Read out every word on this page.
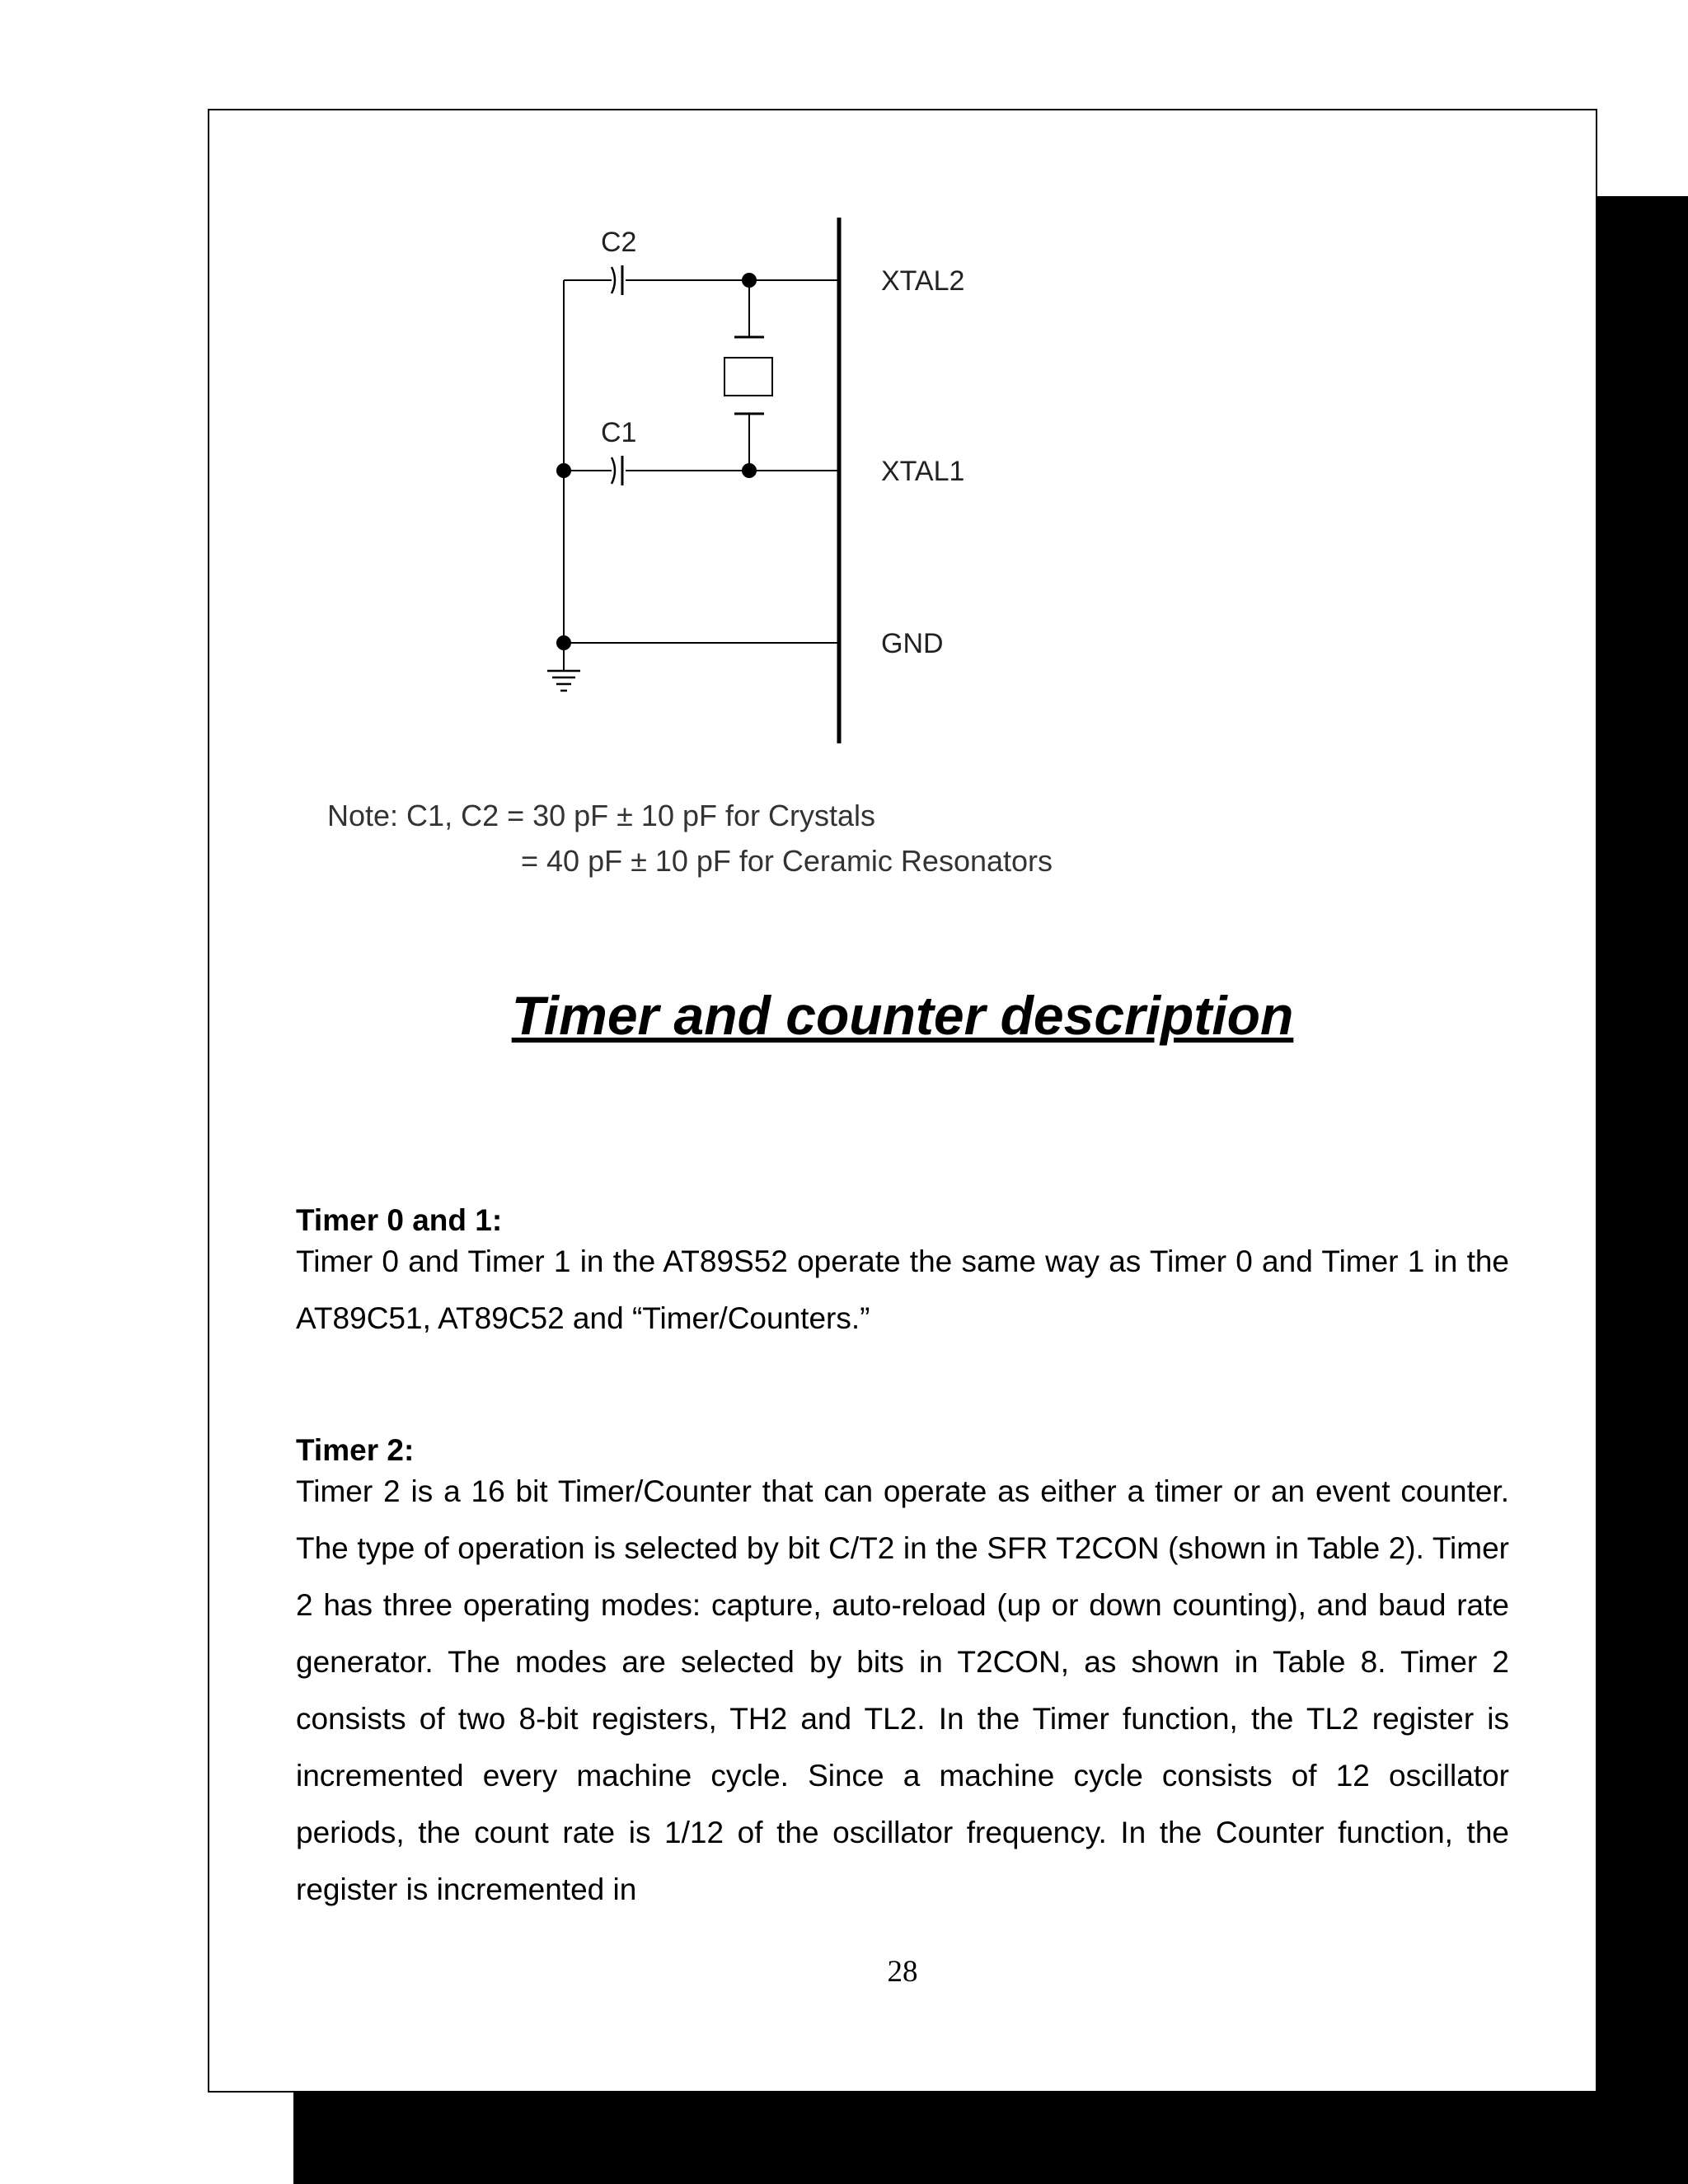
C2
C1
XTAL2
XTAL1
GND
Note: C1, C2 = 30 pF ± 10 pF for Crystals
= 40 pF ± 10 pF for Ceramic Resonators
Timer and counter description
Timer 0 and 1:
Timer 0 and Timer 1 in the AT89S52 operate the same way as Timer 0 and Timer 1 in the AT89C51, AT89C52 and “Timer/Counters.”
Timer 2:
Timer 2 is a 16 bit Timer/Counter that can operate as either a timer or an event counter. The type of operation is selected by bit C/T2 in the SFR T2CON (shown in Table 2). Timer 2 has three operating modes: capture, auto-reload (up or down counting), and baud rate generator. The modes are selected by bits in T2CON, as shown in Table 8. Timer 2 consists of two 8-bit registers, TH2 and TL2. In the Timer function, the TL2 register is incremented every machine cycle. Since a machine cycle consists of 12 oscillator periods, the count rate is 1/12 of the oscillator frequency. In the Counter function, the register is incremented in
28
